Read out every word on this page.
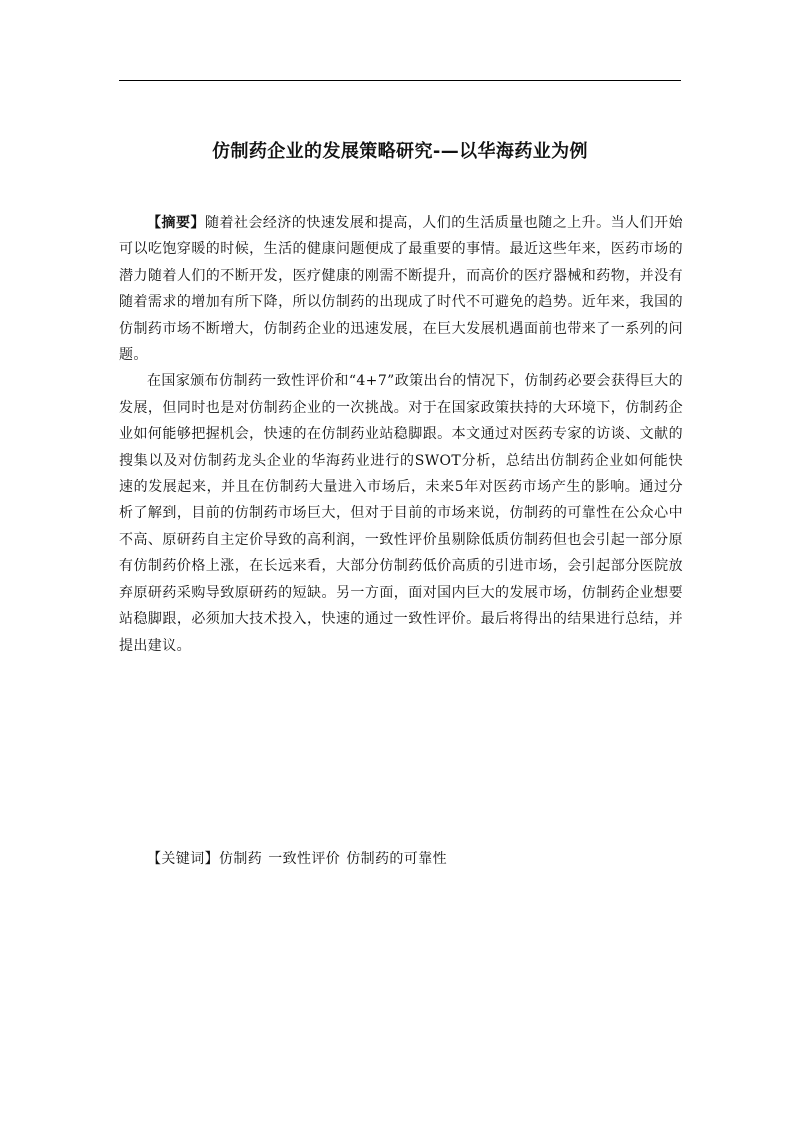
仿制药企业的发展策略研究-—以华海药业为例

【摘要】随着社会经济的快速发展和提高，人们的生活质量也随之上升。当人们开始可以吃饱穿暖的时候，生活的健康问题便成了最重要的事情。最近这些年来，医药市场的潜力随着人们的不断开发，医疗健康的刚需不断提升，而高价的医疗器械和药物，并没有随着需求的增加有所下降，所以仿制药的出现成了时代不可避免的趋势。近年来，我国的仿制药市场不断增大，仿制药企业的迅速发展，在巨大发展机遇面前也带来了一系列的问题。

在国家颁布仿制药一致性评价和“4+7”政策出台的情况下，仿制药必要会获得巨大的发展，但同时也是对仿制药企业的一次挑战。对于在国家政策扶持的大环境下，仿制药企业如何能够把握机会，快速的在仿制药业站稳脚跟。本文通过对医药专家的访谈、文献的搜集以及对仿制药龙头企业的华海药业进行的SWOT分析，总结出仿制药企业如何能快速的发展起来，并且在仿制药大量进入市场后，未来5年对医药市场产生的影响。通过分析了解到，目前的仿制药市场巨大，但对于目前的市场来说，仿制药的可靠性在公众心中不高、原研药自主定价导致的高利润，一致性评价虽剔除低质仿制药但也会引起一部分原有仿制药价格上涨，在长远来看，大部分仿制药低价高质的引进市场，会引起部分医院放弃原研药采购导致原研药的短缺。另一方面，面对国内巨大的发展市场，仿制药企业想要站稳脚跟，必须加大技术投入，快速的通过一致性评价。最后将得出的结果进行总结，并提出建议。

【关键词】仿制药 一致性评价 仿制药的可靠性
